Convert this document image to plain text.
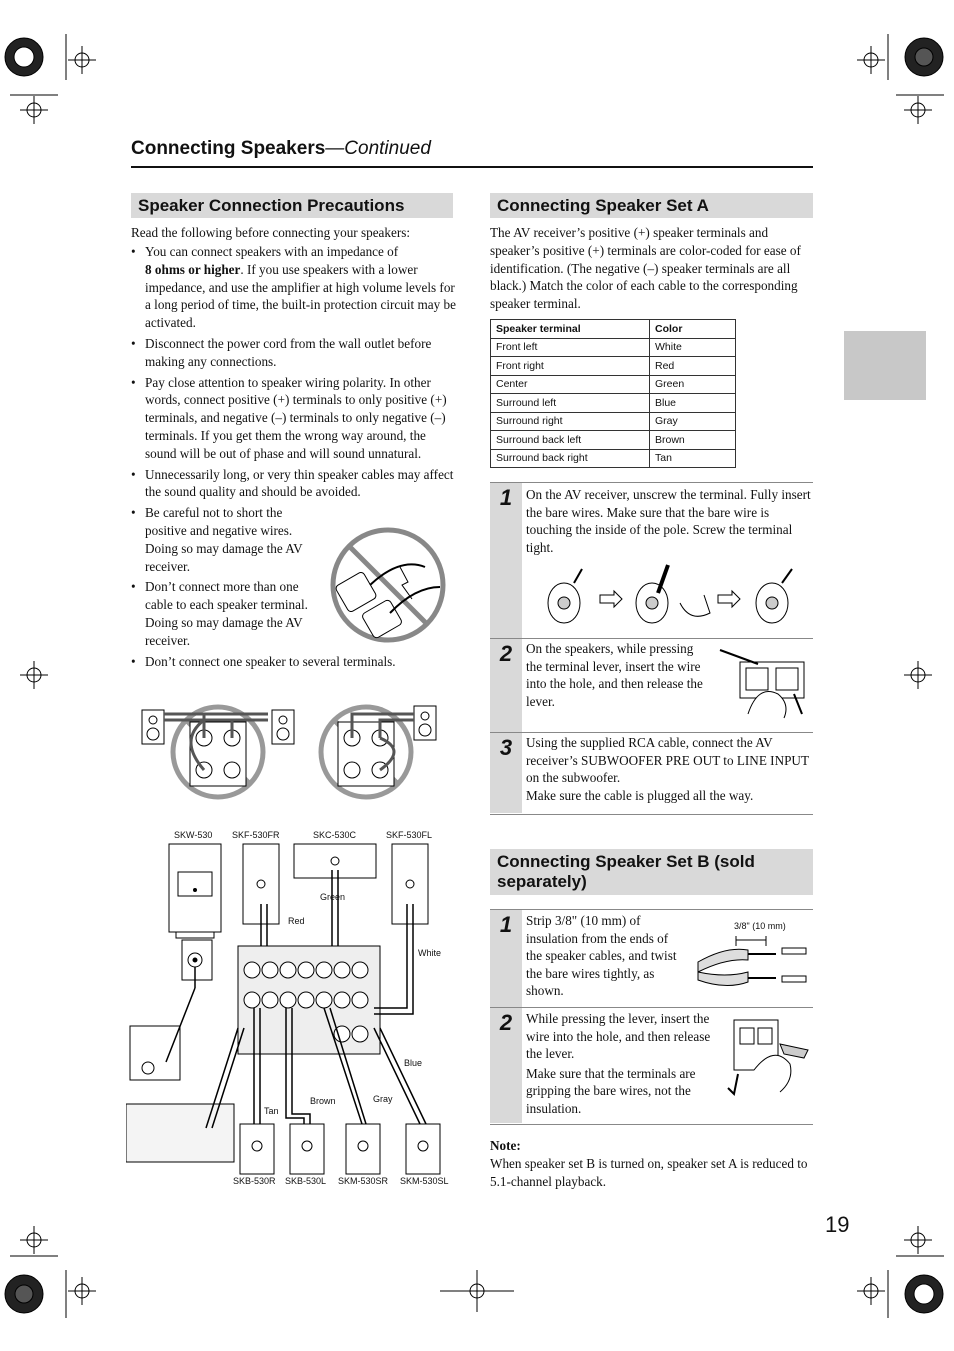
Connecting Speakers—Continued
Speaker Connection Precautions
Read the following before connecting your speakers:
• You can connect speakers with an impedance of
8 ohms or higher. If you use speakers with a lower impedance, and use the amplifier at high volume levels for a long period of time, the built-in protection circuit may be activated.
• Disconnect the power cord from the wall outlet before making any connections.
• Pay close attention to speaker wiring polarity. In other words, connect positive (+) terminals to only positive (+) terminals, and negative (–) terminals to only negative (–) terminals. If you get them the wrong way around, the sound will be out of phase and will sound unnatural.
• Unnecessarily long, or very thin speaker cables may affect the sound quality and should be avoided.
• Be careful not to short the positive and negative wires. Doing so may damage the AV receiver.
• Don’t connect more than one cable to each speaker terminal. Doing so may damage the AV receiver.
• Don’t connect one speaker to several terminals.
SKW-530 SKF-530FR	SKC-530C	SKF-530FL
Green
Red
White
Blue
Gray
Brown
Tan
SKB-530R SKB-530L SKM-530SR SKM-530SL
Connecting Speaker Set A
The AV receiver’s positive (+) speaker terminals and speaker’s positive (+) terminals are color-coded for ease of identification. (The negative (–) speaker terminals are all black.) Match the color of each cable to the corresponding speaker terminal.
Speaker terminal	Color
Front left	White
Front right	Red
Center	Green
Surround left	Blue
Surround right	Gray
Surround back left	Brown
Surround back right	Tan
1	On the AV receiver, unscrew the terminal. Fully insert the bare wires. Make sure that the bare wire is touching the inside of the pole. Screw the terminal tight.
2	On the speakers, while pressing the terminal lever, insert the wire into the hole, and then release the lever.
3	Using the supplied RCA cable, connect the AV receiver’s SUBWOOFER PRE OUT to LINE INPUT on the subwoofer.
Make sure the cable is plugged all the way.
Connecting Speaker Set B (sold separately)
1	Strip 3/8" (10 mm) of insulation from the ends of the speaker cables, and twist the bare wires tightly, as shown.
3/8" (10 mm)
2	While pressing the lever, insert the wire into the hole, and then release the lever.
Make sure that the terminals are gripping the bare wires, not the insulation.
Note:
When speaker set B is turned on, speaker set A is reduced to 5.1-channel playback.
19
